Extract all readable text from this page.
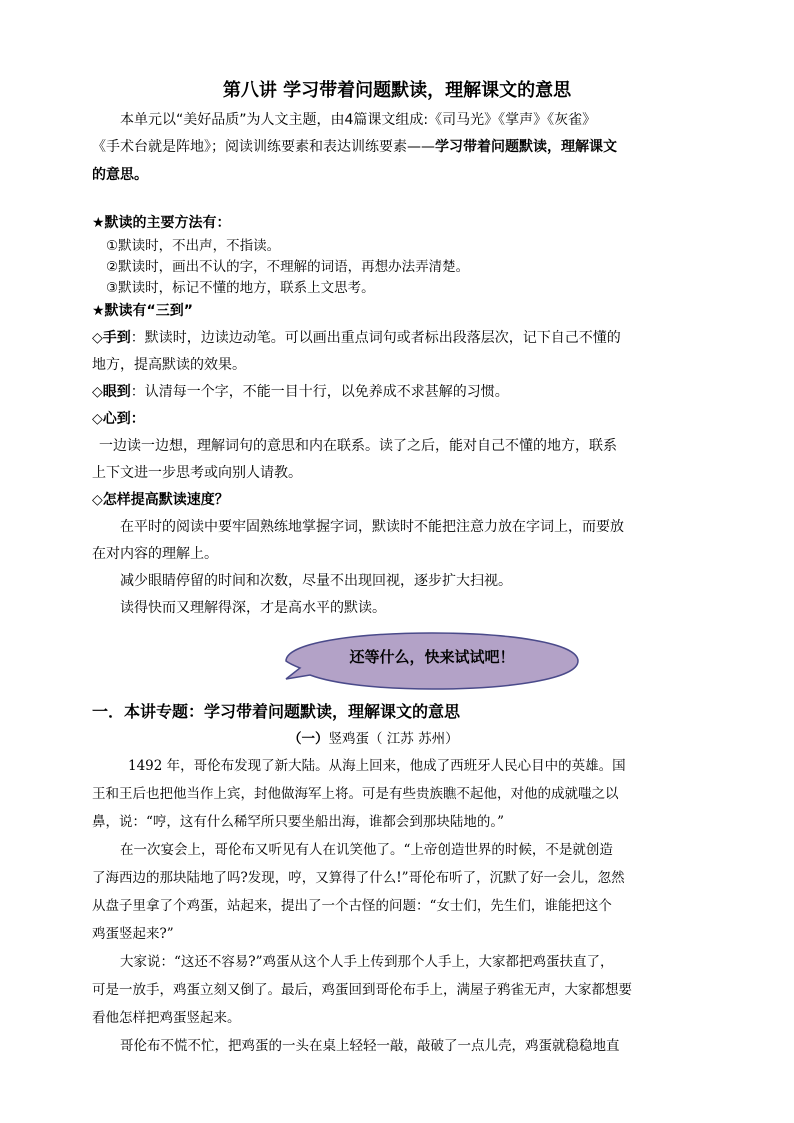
第八讲 学习带着问题默读，理解课文的意思
本单元以“美好品质”为人文主题，由4篇课文组成:《司马光》《掌声》《灰雀》
《手术台就是阵地》；阅读训练要素和表达训练要素——学习带着问题默读，理解课文
的意思。
★默读的主要方法有：
①默读时，不出声，不指读。
②默读时，画出不认的字，不理解的词语，再想办法弄清楚。
③默读时，标记不懂的地方，联系上文思考。
★默读有“三到”
◇手到：默读时，边读边动笔。可以画出重点词句或者标出段落层次，记下自己不懂的
地方，提高默读的效果。
◇眼到：认清每一个字，不能一目十行，以免养成不求甚解的习惯。
◇心到：
一边读一边想，理解词句的意思和内在联系。读了之后，能对自己不懂的地方，联系
上下文进一步思考或向别人请教。
◇怎样提高默读速度？
在平时的阅读中要牢固熟练地掌握字词，默读时不能把注意力放在字词上，而要放
在对内容的理解上。
减少眼睛停留的时间和次数，尽量不出现回视，逐步扩大扫视。
读得快而又理解得深，才是高水平的默读。
还等什么，快来试试吧！
一．本讲专题：学习带着问题默读，理解课文的意思
（一）竖鸡蛋（ 江苏 苏州）
1492 年，哥伦布发现了新大陆。从海上回来，他成了西班牙人民心目中的英雄。国
王和王后也把他当作上宾，封他做海军上将。可是有些贵族瞧不起他，对他的成就嗤之以
鼻，说：“哼，这有什么稀罕所只要坐船出海，谁都会到那块陆地的。”
在一次宴会上，哥伦布又听见有人在讥笑他了。“上帝创造世界的时候，不是就创造
了海西边的那块陆地了吗?发现，哼，又算得了什么!”哥伦布听了，沉默了好一会儿，忽然
从盘子里拿了个鸡蛋，站起来，提出了一个古怪的问题：“女士们，先生们，谁能把这个
鸡蛋竖起来?”
大家说：“这还不容易?”鸡蛋从这个人手上传到那个人手上，大家都把鸡蛋扶直了，
可是一放手，鸡蛋立刻又倒了。最后，鸡蛋回到哥伦布手上，满屋子鸦雀无声，大家都想要
看他怎样把鸡蛋竖起来。
哥伦布不慌不忙，把鸡蛋的一头在桌上轻轻一敲，敲破了一点儿壳，鸡蛋就稳稳地直
